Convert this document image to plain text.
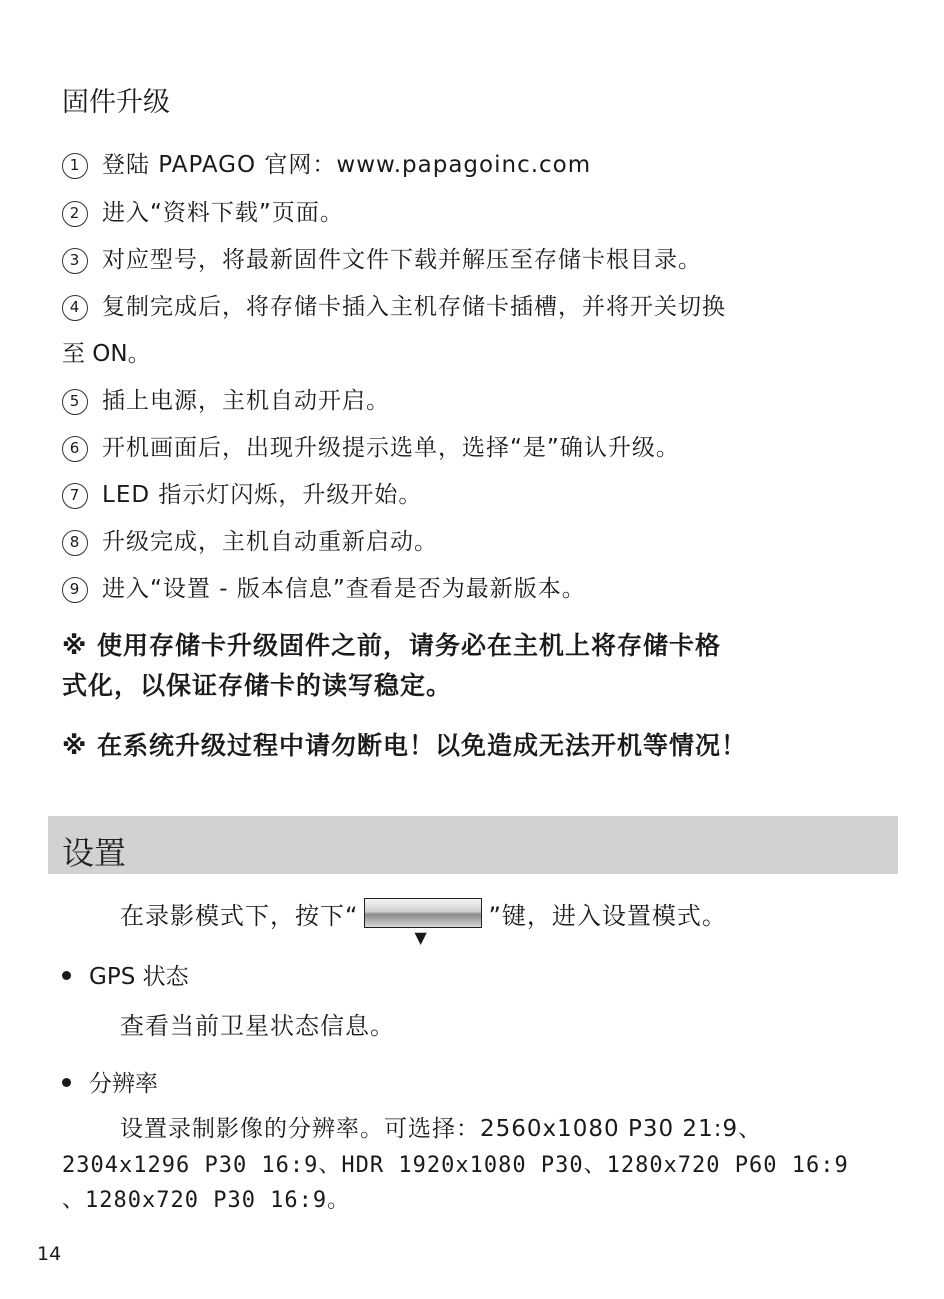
固件升级
1 登陆 PAPAGO 官网：www.papagoinc.com
2 进入“资料下载”页面。
3 对应型号，将最新固件文件下载并解压至存储卡根目录。
4 复制完成后，将存储卡插入主机存储卡插槽，并将开关切换
至 ON。
5 插上电源，主机自动开启。
6 开机画面后，出现升级提示选单，选择“是”确认升级。
7 LED 指示灯闪烁，升级开始。
8 升级完成，主机自动重新启动。
9 进入“设置 - 版本信息”查看是否为最新版本。
※ 使用存储卡升级固件之前，请务必在主机上将存储卡格
式化，以保证存储卡的读写稳定。
※ 在系统升级过程中请勿断电！以免造成无法开机等情况！
设置
在录影模式下，按下“
▼
”键，进入设置模式。
GPS 状态
查看当前卫星状态信息。
分辨率
设置录制影像的分辨率。可选择：2560x1080 P30 21:9、
2304x1296 P30 16:9、HDR 1920x1080 P30、1280x720 P60 16:9
、1280x720 P30 16:9。
14
